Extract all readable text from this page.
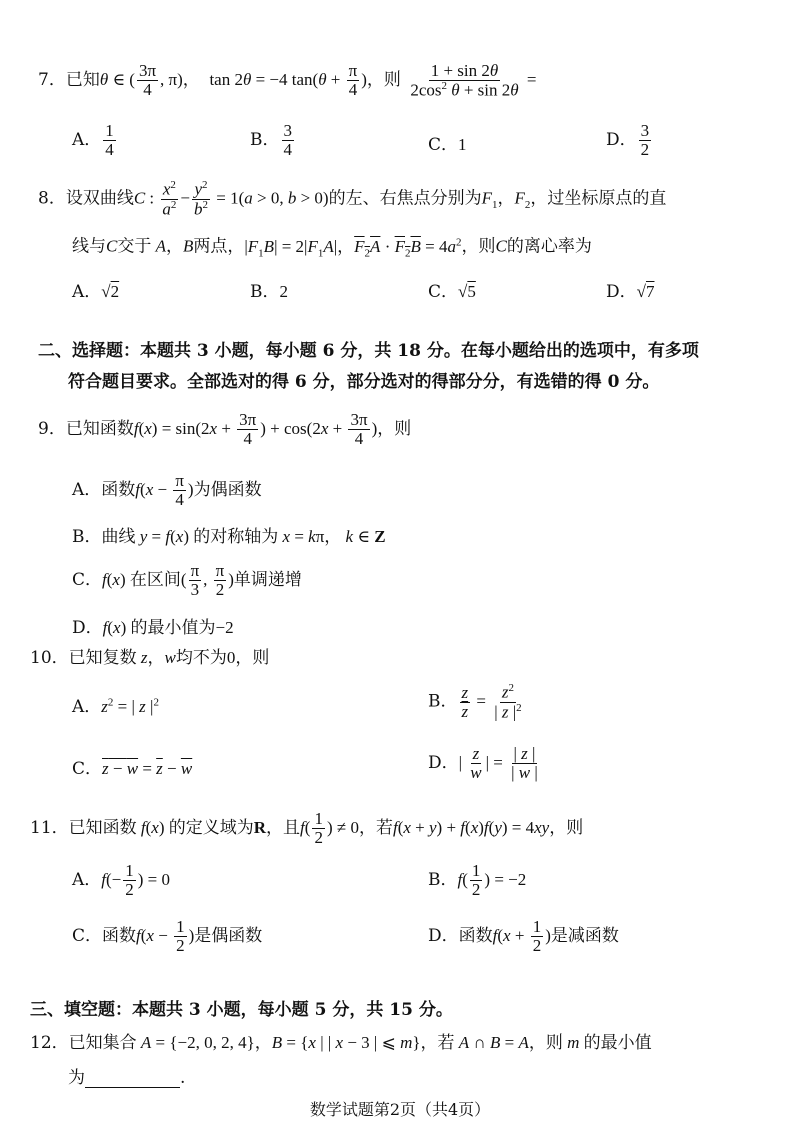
7．已知θ ∈ ( $\frac{3\pi}{4}$ , π)，  tan 2θ = −4 $\tan(\theta + \frac{\pi}{4}$ )，则 $\frac{1 + \sin 2\theta}{2\cos^2 \theta + \sin 2\theta}$ =
A． $\frac{1}{4}$	B． $\frac{3}{4}$	C．1	D． $\frac{3}{2}$
8．设双曲线C : $\frac{x^2}{a^2} - \frac{y^2}{b^2} = 1(a > 0$, b > 0)的左、右焦点分别为$F_1$，$F_2$，过坐标原点的直
线与C交于 A，B两点，$|F_1B| = 2|F_1A|$，$F_2A \cdot F_2B = 4a^2$，则C的离心率为
A．√2	B．2	C．√5	D．√7
二、选择题：本题共 3 小题，每小题 6 分，共 18 分。在每小题给出的选项中，有多项
符合题目要求。全部选对的得 6 分，部分选对的得部分分，有选错的得 0 分。
9．已知函数$f(x) = \sin(2x + \frac{3\pi}{4}$ ) + $\cos(2x + \frac{3\pi}{4}$ )，则
A．函数$f(x - \frac{\pi}{4}$ )为偶函数
B．曲线 y = f(x) 的对称轴为 x = kπ， k ∈ Z
C．f(x) 在区间( $\frac{\pi}{3}$ , $\frac{\pi}{2}$ )单调递增
D．f(x) 的最小值为−2
10．已知复数 z，w均不为0，则
A．$z^2$ = | z $|^2$	B． $\frac{z}{z} = \frac{z^2}{| z |^2}$
C．$z - w = \overline{z} - \overline{w}$	D．| $\frac{z}{w}$ | = $\frac{| z |}{| w |}$
11．已知函数 f(x) 的定义域为R，且$f( \frac{1}{2}$ ) ≠ 0，若f(x + y) + f(x)f(y) = 4xy，则
A．$f(- \frac{1}{2}$ ) = 0	B．$f( \frac{1}{2}$ ) = −2
C．函数$f(x - \frac{1}{2}$ )是偶函数	D．函数$f(x + \frac{1}{2}$ )是减函数
三、填空题：本题共 3 小题，每小题 5 分，共 15 分。
12．已知集合 A = {−2, 0, 2, 4}，B = {x | | x − 3 | ⩽ m}，若 A ∩ B = A，则 m 的最小值
为	.
数学试题第2页（共4页）
